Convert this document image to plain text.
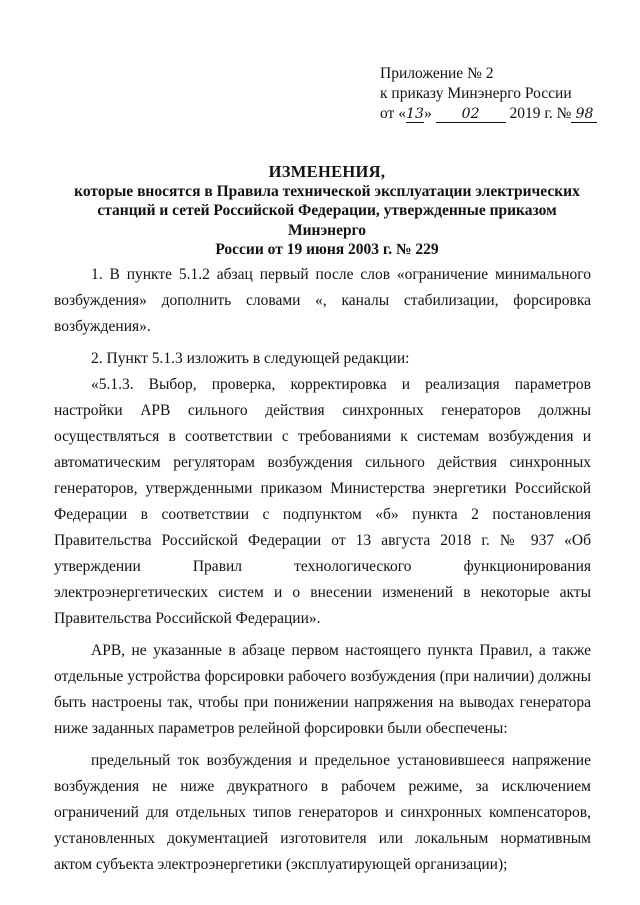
Приложение № 2
к приказу Минэнерго России
от «13» 02 2019 г. № 98
ИЗМЕНЕНИЯ,
которые вносятся в Правила технической эксплуатации электрических
станций и сетей Российской Федерации, утвержденные приказом Минэнерго
России от 19 июня 2003 г. № 229

1. В пункте 5.1.2 абзац первый после слов «ограничение минимального возбуждения» дополнить словами «, каналы стабилизации, форсировка возбуждения».

2. Пункт 5.1.3 изложить в следующей редакции:

«5.1.3. Выбор, проверка, корректировка и реализация параметров настройки АРВ сильного действия синхронных генераторов должны осуществляться в соответствии с требованиями к системам возбуждения и автоматическим регуляторам возбуждения сильного действия синхронных генераторов, утвержденными приказом Министерства энергетики Российской Федерации в соответствии с подпунктом «б» пункта 2 постановления Правительства Российской Федерации от 13 августа 2018 г. № 937 «Об утверждении Правил технологического функционирования электроэнергетических систем и о внесении изменений в некоторые акты Правительства Российской Федерации».

АРВ, не указанные в абзаце первом настоящего пункта Правил, а также отдельные устройства форсировки рабочего возбуждения (при наличии) должны быть настроены так, чтобы при понижении напряжения на выводах генератора ниже заданных параметров релейной форсировки были обеспечены:

предельный ток возбуждения и предельное установившееся напряжение возбуждения не ниже двукратного в рабочем режиме, за исключением ограничений для отдельных типов генераторов и синхронных компенсаторов, установленных документацией изготовителя или локальным нормативным актом субъекта электроэнергетики (эксплуатирующей организации);
